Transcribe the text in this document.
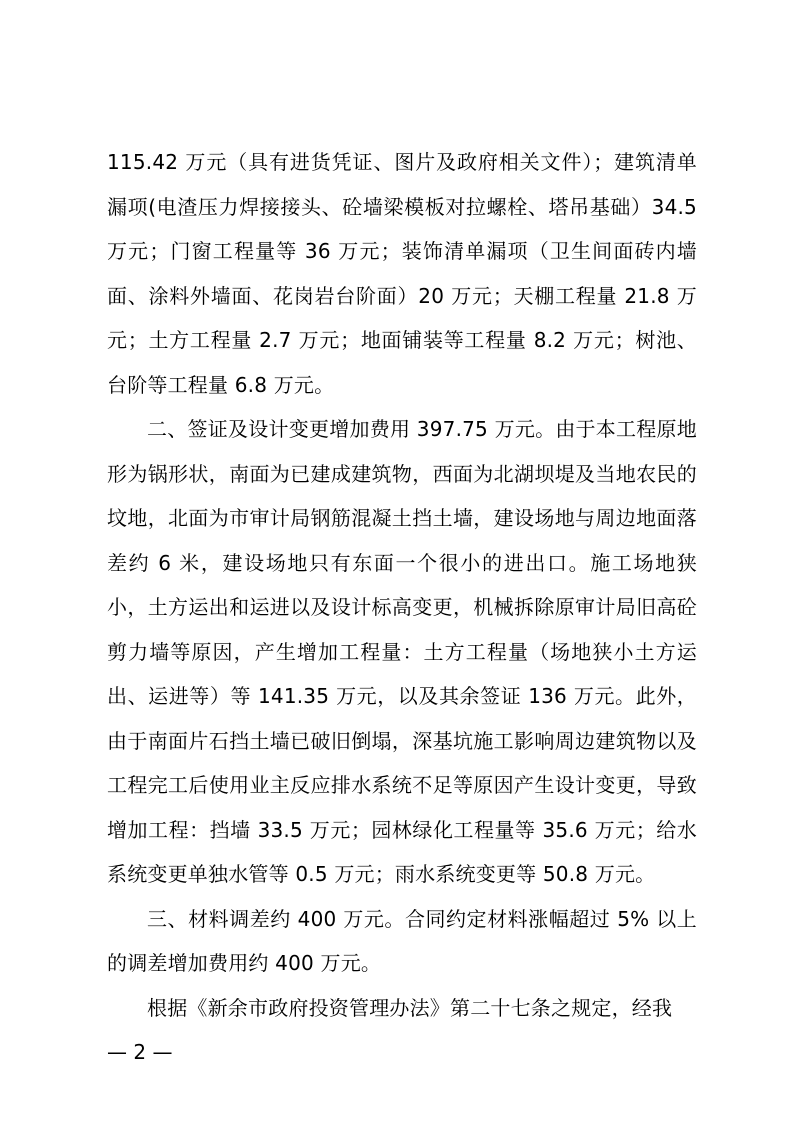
115.42 万元（具有进货凭证、图片及政府相关文件）；建筑清单漏项(电渣压力焊接接头、砼墙梁模板对拉螺栓、塔吊基础）34.5 万元；门窗工程量等 36 万元；装饰清单漏项（卫生间面砖内墙面、涂料外墙面、花岗岩台阶面）20 万元；天棚工程量 21.8 万元；土方工程量 2.7 万元；地面铺装等工程量 8.2 万元；树池、台阶等工程量 6.8 万元。

二、签证及设计变更增加费用 397.75 万元。由于本工程原地形为锅形状，南面为已建成建筑物，西面为北湖坝堤及当地农民的坟地，北面为市审计局钢筋混凝土挡土墙，建设场地与周边地面落差约 6 米，建设场地只有东面一个很小的进出口。施工场地狭小，土方运出和运进以及设计标高变更，机械拆除原审计局旧高砼剪力墙等原因，产生增加工程量：土方工程量（场地狭小土方运出、运进等）等 141.35 万元，以及其余签证 136 万元。此外，由于南面片石挡土墙已破旧倒塌，深基坑施工影响周边建筑物以及工程完工后使用业主反应排水系统不足等原因产生设计变更，导致增加工程：挡墙 33.5 万元；园林绿化工程量等 35.6 万元；给水系统变更单独水管等 0.5 万元；雨水系统变更等 50.8 万元。

三、材料调差约 400 万元。合同约定材料涨幅超过 5% 以上的调差增加费用约 400 万元。

根据《新余市政府投资管理办法》第二十七条之规定，经我

— 2 —
